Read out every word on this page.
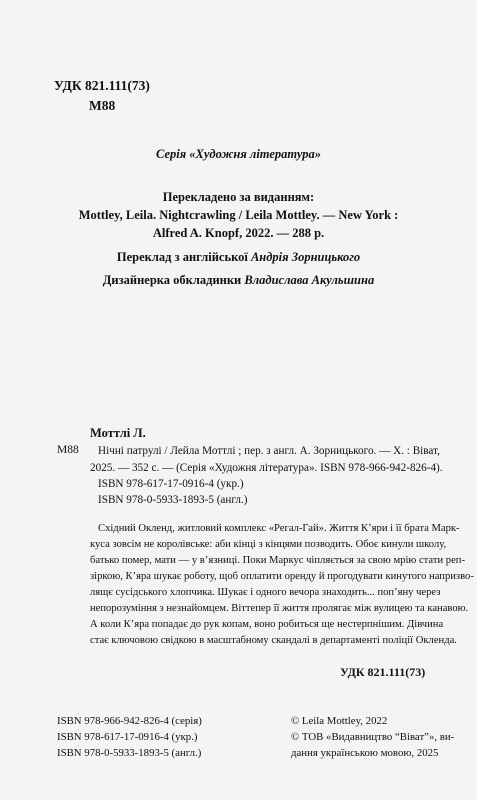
УДК 821.111(73)
М88
Серія «Художня література»
Перекладено за виданням:
Mottley, Leila. Nightcrawling / Leila Mottley. — New York :
Alfred A. Knopf, 2022. — 288 р.
Переклад з англійської Андрія Зорницького
Дизайнерка обкладинки Владислава Акульшина
Моттлі Л.
М88 Нічні патрулі / Лейла Моттлі ; пер. з англ. А. Зорницького. — Х. : Віват,
2025. — 352 с. — (Серія «Художня література». ISBN 978-966-942-826-4).
ISBN 978-617-17-0916-4 (укр.)
ISBN 978-0-5933-1893-5 (англ.)
Східний Окленд, житловий комплекс «Регал-Гай». Життя К’яри і її брата Марк-
куса зовсім не королівське: аби кінці з кінцями позводить. Обоє кинули школу,
батько помер, мати — у в’язниці. Поки Маркус чіпляється за свою мрію стати реп-
зіркою, К’яра шукає роботу, щоб оплатити оренду й прогодувати кинутого напризво-
лящє сусідського хлопчика. Шукає і одного вечора знаходить... поп’яну через
непорозуміння з незнайомцем. Віттепер її життя пролягає між вулицею та канавою.
А коли К’яра попадає до рук копам, воно робиться ще нестерпнішим. Дівчина
стає ключовою свідкою в масштабному скандалі в департаменті поліції Окленда.
УДК 821.111(73)
ISBN 978-966-942-826-4 (серія)
ISBN 978-617-17-0916-4 (укр.)
ISBN 978-0-5933-1893-5 (англ.)
© Leila Mottley, 2022
© ТОВ «Видавництво “Віват”», ви-
дання українською мовою, 2025
